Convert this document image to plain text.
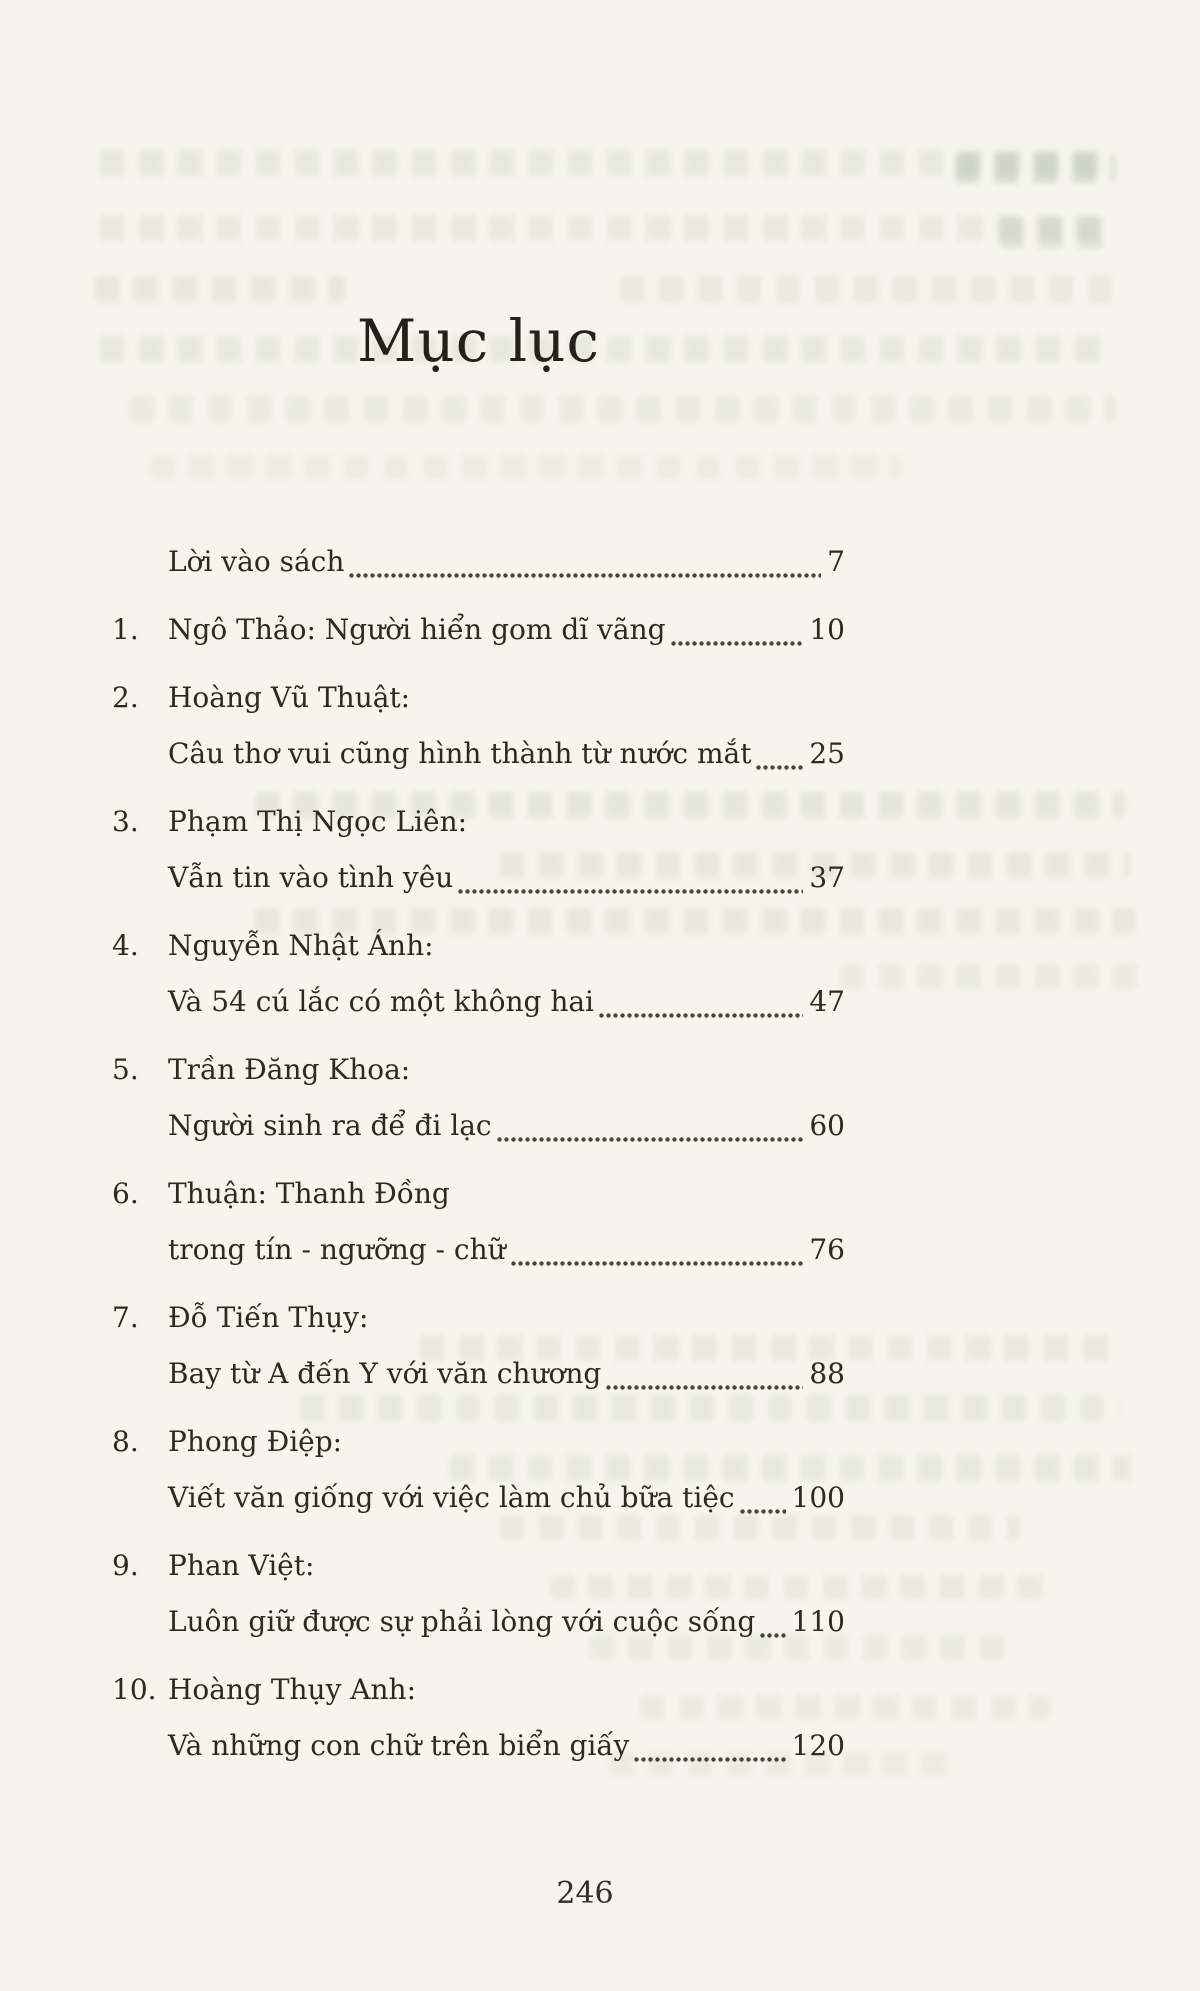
Mục lục
Lời vào sách	7
1.	Ngô Thảo: Người hiển gom dĩ vãng	10
2.	Hoàng Vũ Thuật:
Câu thơ vui cũng hình thành từ nước mắt 25
3.	Phạm Thị Ngọc Liên:
Vẫn tin vào tình yêu	37
4.	Nguyễn Nhật Ánh:
Và 54 cú lắc có một không hai	47
5.	Trần Đăng Khoa:
Người sinh ra để đi lạc	60
6.	Thuận: Thanh Đồng
trong tín - ngưỡng - chữ	76
7.	Đỗ Tiến Thụy:
Bay từ A đến Y với văn chương	88
8.	Phong Điệp:
Viết văn giống với việc làm chủ bữa tiệc 100
9.	Phan Việt:
Luôn giữ được sự phải lòng với cuộc sống 110
10. Hoàng Thụy Anh:
Và những con chữ trên biển giấy	120
246
